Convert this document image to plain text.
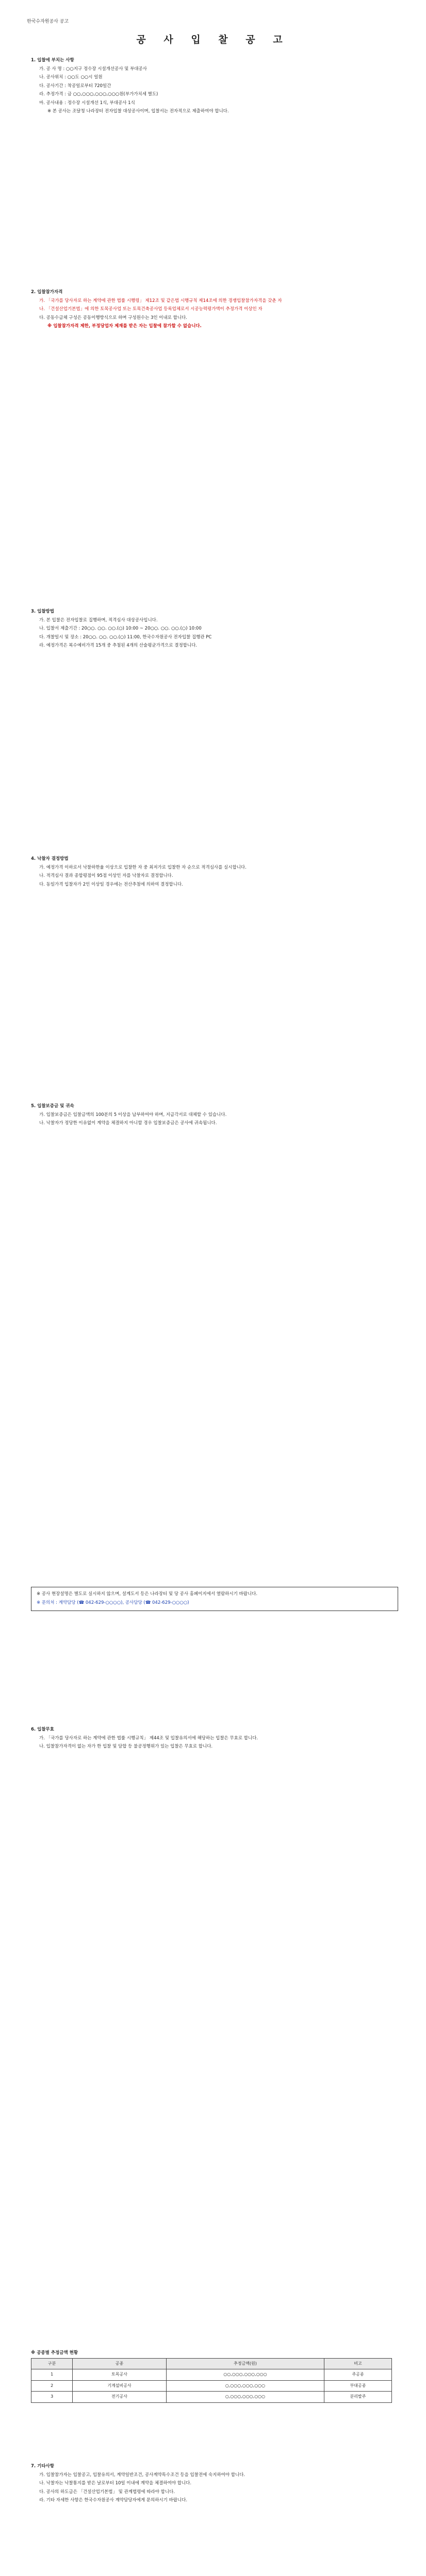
한국수자원공사 공고
공 사 입 찰 공 고

1. 입찰에 부치는 사항

가. 공 사 명 : ○○지구 정수장 시설개선공사 및 부대공사

나. 공사위치 : ○○도 ○○시 일원

다. 공사기간 : 착공일로부터 720일간

라. 추정가격 : 금 ○○,○○○,○○○,○○○원(부가가치세 별도)

마. 공사내용 : 정수장 시설개선 1식, 부대공사 1식

※ 본 공사는 조달청 나라장터 전자입찰 대상공사이며, 입찰서는 전자적으로 제출하여야 합니다.

2. 입찰참가자격

가. 「국가를 당사자로 하는 계약에 관한 법률 시행령」 제12조 및 같은법 시행규칙 제14조에 의한 경쟁입찰참가자격을 갖춘 자

나. 「건설산업기본법」에 의한 토목공사업 또는 토목건축공사업 등록업체로서 시공능력평가액이 추정가격 이상인 자

다. 공동수급체 구성은 공동이행방식으로 하며 구성원수는 3인 이내로 합니다.

※ 입찰참가자격 제한, 부정당업자 제재를 받은 자는 입찰에 참가할 수 없습니다.

3. 입찰방법

가. 본 입찰은 전자입찰로 집행하며, 적격심사 대상공사입니다.

나. 입찰서 제출기간 : 20○○. ○○. ○○.(○) 10:00 ~ 20○○. ○○. ○○.(○) 10:00

다. 개찰일시 및 장소 : 20○○. ○○. ○○.(○) 11:00, 한국수자원공사 전자입찰 집행관 PC

라. 예정가격은 복수예비가격 15개 중 추첨된 4개의 산술평균가격으로 결정합니다.

4. 낙찰자 결정방법

가. 예정가격 이하로서 낙찰하한율 이상으로 입찰한 자 중 최저가로 입찰한 자 순으로 적격심사를 실시합니다.

나. 적격심사 결과 종합평점이 95점 이상인 자를 낙찰자로 결정합니다.

다. 동일가격 입찰자가 2인 이상일 경우에는 전산추첨에 의하여 결정합니다.

5. 입찰보증금 및 귀속

가. 입찰보증금은 입찰금액의 100분의 5 이상을 납부하여야 하며, 지급각서로 대체할 수 있습니다.

나. 낙찰자가 정당한 이유없이 계약을 체결하지 아니할 경우 입찰보증금은 공사에 귀속됩니다.

※ 공사 현장설명은 별도로 실시하지 않으며, 설계도서 등은 나라장터 및 당 공사 홈페이지에서 열람하시기 바랍니다.

※ 문의처 : 계약담당 (☎ 042-629-○○○○), 공사담당 (☎ 042-629-○○○○)

6. 입찰무효

가. 「국가를 당사자로 하는 계약에 관한 법률 시행규칙」 제44조 및 입찰유의서에 해당하는 입찰은 무효로 합니다.

나. 입찰참가자격이 없는 자가 한 입찰 및 담합 등 불공정행위가 있는 입찰은 무효로 합니다.

※ 공종별 추정금액 현황

구분	공종	추정금액(원)	비고
1	토목공사	○○,○○○,○○○,○○○	주공종
2	기계설비공사	○,○○○,○○○,○○○	부대공종
3	전기공사	○,○○○,○○○,○○○	분리발주

7. 기타사항

가. 입찰참가자는 입찰공고, 입찰유의서, 계약일반조건, 공사계약특수조건 등을 입찰전에 숙지하여야 합니다.

나. 낙찰자는 낙찰통지를 받은 날로부터 10일 이내에 계약을 체결하여야 합니다.

다. 공사의 하도급은 「건설산업기본법」 및 관계법령에 따라야 합니다.

라. 기타 자세한 사항은 한국수자원공사 계약담당자에게 문의하시기 바랍니다.
